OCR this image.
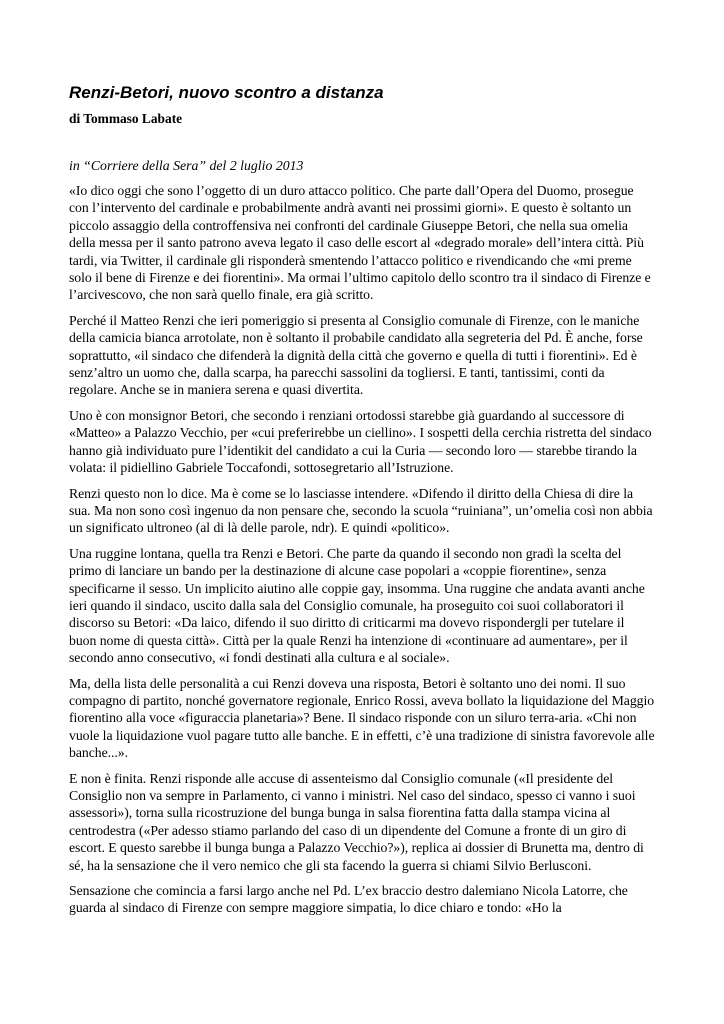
Renzi-Betori, nuovo scontro a distanza
di Tommaso Labate
in “Corriere della Sera” del 2 luglio 2013

«Io dico oggi che sono l’oggetto di un duro attacco politico. Che parte dall’Opera del Duomo, prosegue con l’intervento del cardinale e probabilmente andrà avanti nei prossimi giorni». E questo è soltanto un piccolo assaggio della controffensiva nei confronti del cardinale Giuseppe Betori, che nella sua omelia della messa per il santo patrono aveva legato il caso delle escort al «degrado morale» dell’intera città. Più tardi, via Twitter, il cardinale gli risponderà smentendo l’attacco politico e rivendicando che «mi preme solo il bene di Firenze e dei fiorentini». Ma ormai l’ultimo capitolo dello scontro tra il sindaco di Firenze e l’arcivescovo, che non sarà quello finale, era già scritto.

Perché il Matteo Renzi che ieri pomeriggio si presenta al Consiglio comunale di Firenze, con le maniche della camicia bianca arrotolate, non è soltanto il probabile candidato alla segreteria del Pd. È anche, forse soprattutto, «il sindaco che difenderà la dignità della città che governo e quella di tutti i fiorentini». Ed è senz’altro un uomo che, dalla scarpa, ha parecchi sassolini da togliersi. E tanti, tantissimi, conti da regolare. Anche se in maniera serena e quasi divertita.

Uno è con monsignor Betori, che secondo i renziani ortodossi starebbe già guardando al successore di «Matteo» a Palazzo Vecchio, per «cui preferirebbe un ciellino». I sospetti della cerchia ristretta del sindaco hanno già individuato pure l’identikit del candidato a cui la Curia — secondo loro — starebbe tirando la volata: il pidiellino Gabriele Toccafondi, sottosegretario all’Istruzione.

Renzi questo non lo dice. Ma è come se lo lasciasse intendere. «Difendo il diritto della Chiesa di dire la sua. Ma non sono così ingenuo da non pensare che, secondo la scuola “ruiniana”, un’omelia così non abbia un significato ultroneo (al di là delle parole, ndr). E quindi «politico».

Una ruggine lontana, quella tra Renzi e Betori. Che parte da quando il secondo non gradì la scelta del primo di lanciare un bando per la destinazione di alcune case popolari a «coppie fiorentine», senza specificarne il sesso. Un implicito aiutino alle coppie gay, insomma. Una ruggine che andata avanti anche ieri quando il sindaco, uscito dalla sala del Consiglio comunale, ha proseguito coi suoi collaboratori il discorso su Betori: «Da laico, difendo il suo diritto di criticarmi ma dovevo rispondergli per tutelare il buon nome di questa città». Città per la quale Renzi ha intenzione di «continuare ad aumentare», per il secondo anno consecutivo, «i fondi destinati alla cultura e al sociale».

Ma, della lista delle personalità a cui Renzi doveva una risposta, Betori è soltanto uno dei nomi. Il suo compagno di partito, nonché governatore regionale, Enrico Rossi, aveva bollato la liquidazione del Maggio fiorentino alla voce «figuraccia planetaria»? Bene. Il sindaco risponde con un siluro terra-aria. «Chi non vuole la liquidazione vuol pagare tutto alle banche. E in effetti, c’è una tradizione di sinistra favorevole alle banche...».

E non è finita. Renzi risponde alle accuse di assenteismo dal Consiglio comunale («Il presidente del Consiglio non va sempre in Parlamento, ci vanno i ministri. Nel caso del sindaco, spesso ci vanno i suoi assessori»), torna sulla ricostruzione del bunga bunga in salsa fiorentina fatta dalla stampa vicina al centrodestra («Per adesso stiamo parlando del caso di un dipendente del Comune a fronte di un giro di escort. E questo sarebbe il bunga bunga a Palazzo Vecchio?»), replica ai dossier di Brunetta ma, dentro di sé, ha la sensazione che il vero nemico che gli sta facendo la guerra si chiami Silvio Berlusconi.

Sensazione che comincia a farsi largo anche nel Pd. L’ex braccio destro dalemiano Nicola Latorre, che guarda al sindaco di Firenze con sempre maggiore simpatia, lo dice chiaro e tondo: «Ho la
